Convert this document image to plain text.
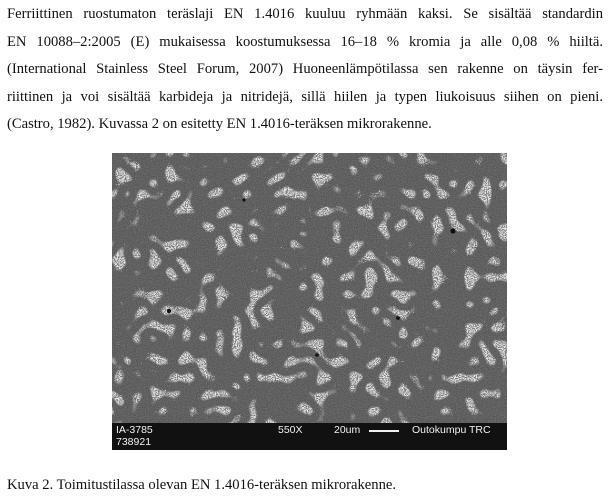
Ferriittinen ruostumaton teräslaji EN 1.4016 kuuluu ryhmään kaksi. Se sisältää standardin
EN 10088–2:2005 (E) mukaisessa koostumuksessa 16–18 % kromia ja alle 0,08 % hiiltä.
(International Stainless Steel Forum, 2007) Huoneenlämpötilassa sen rakenne on täysin fer-
riittinen ja voi sisältää karbideja ja nitridejä, sillä hiilen ja typen liukoisuus siihen on pieni.
(Castro, 1982). Kuvassa 2 on esitetty EN 1.4016-teräksen mikrorakenne.

IA-3785
738921
550X	20um	Outokumpu TRC

Kuva 2. Toimitustilassa olevan EN 1.4016-teräksen mikrorakenne.
